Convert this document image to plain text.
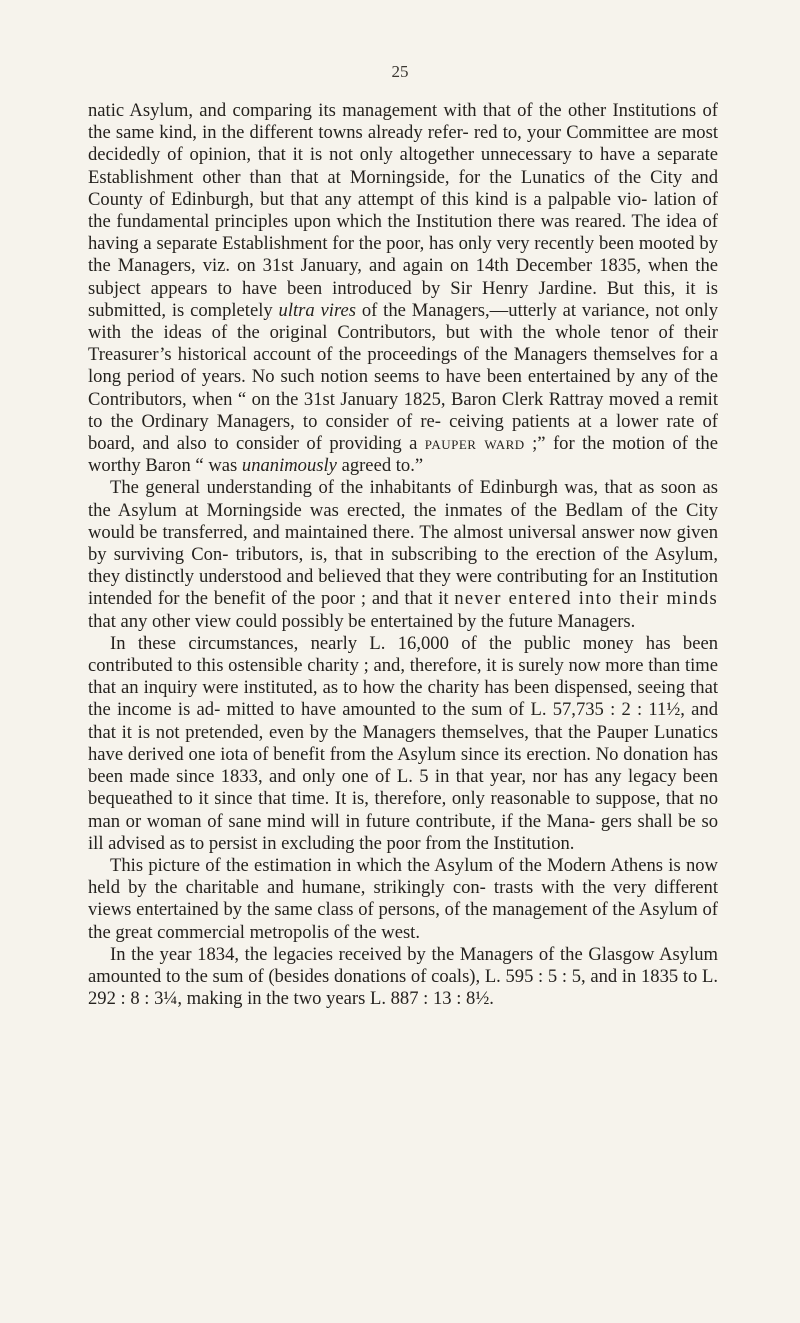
25

natic Asylum, and comparing its management with that of the other Institutions of the same kind, in the different towns already refer- red to, your Committee are most decidedly of opinion, that it is not only altogether unnecessary to have a separate Establishment other than that at Morningside, for the Lunatics of the City and County of Edinburgh, but that any attempt of this kind is a palpable vio- lation of the fundamental principles upon which the Institution there was reared. The idea of having a separate Establishment for the poor, has only very recently been mooted by the Managers, viz. on 31st January, and again on 14th December 1835, when the subject appears to have been introduced by Sir Henry Jardine. But this, it is submitted, is completely ultra vires of the Managers,—utterly at variance, not only with the ideas of the original Contributors, but with the whole tenor of their Treasurer’s historical account of the proceedings of the Managers themselves for a long period of years. No such notion seems to have been entertained by any of the Contributors, when “ on the 31st January 1825, Baron Clerk Rattray moved a remit to the Ordinary Managers, to consider of re- ceiving patients at a lower rate of board, and also to consider of providing a pauper ward ;” for the motion of the worthy Baron “ was unanimously agreed to.”

The general understanding of the inhabitants of Edinburgh was, that as soon as the Asylum at Morningside was erected, the inmates of the Bedlam of the City would be transferred, and maintained there. The almost universal answer now given by surviving Con- tributors, is, that in subscribing to the erection of the Asylum, they distinctly understood and believed that they were contributing for an Institution intended for the benefit of the poor ; and that it never entered into their minds that any other view could possibly be entertained by the future Managers.

In these circumstances, nearly L. 16,000 of the public money has been contributed to this ostensible charity ; and, therefore, it is surely now more than time that an inquiry were instituted, as to how the charity has been dispensed, seeing that the income is ad- mitted to have amounted to the sum of L. 57,735 : 2 : 11½, and that it is not pretended, even by the Managers themselves, that the Pauper Lunatics have derived one iota of benefit from the Asylum since its erection. No donation has been made since 1833, and only one of L. 5 in that year, nor has any legacy been bequeathed to it since that time. It is, therefore, only reasonable to suppose, that no man or woman of sane mind will in future contribute, if the Mana- gers shall be so ill advised as to persist in excluding the poor from the Institution.

This picture of the estimation in which the Asylum of the Modern Athens is now held by the charitable and humane, strikingly con- trasts with the very different views entertained by the same class of persons, of the management of the Asylum of the great commercial metropolis of the west.

In the year 1834, the legacies received by the Managers of the Glasgow Asylum amounted to the sum of (besides donations of coals), L. 595 : 5 : 5, and in 1835 to L. 292 : 8 : 3¼, making in the two years L. 887 : 13 : 8½.
